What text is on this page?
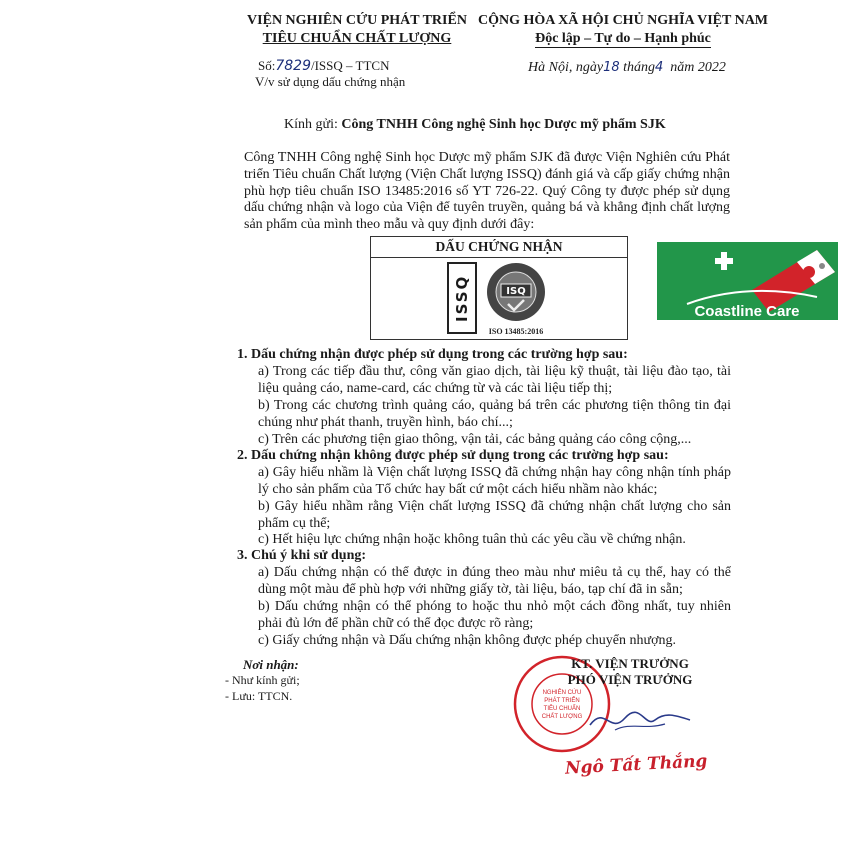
VIỆN NGHIÊN CỨU PHÁT TRIỂN
TIÊU CHUẨN CHẤT LƯỢNG
CỘNG HÒA XÃ HỘI CHỦ NGHĨA VIỆT NAM
Độc lập – Tự do – Hạnh phúc
Số:7829/ISSQ – TTCN
V/v sử dụng dấu chứng nhận
Hà Nội, ngày18 tháng4 năm 2022
Kính gửi: Công TNHH Công nghệ Sinh học Dược mỹ phẩm SJK
Công TNHH Công nghệ Sinh học Dược mỹ phẩm SJK đã được Viện Nghiên cứu Phát triển Tiêu chuẩn Chất lượng (Viện Chất lượng ISSQ) đánh giá và cấp giấy chứng nhận phù hợp tiêu chuẩn ISO 13485:2016 số YT 726-22. Quý Công ty được phép sử dụng dấu chứng nhận và logo của Viện để tuyên truyền, quảng bá và khẳng định chất lượng sản phẩm của mình theo mẫu và quy định dưới đây:
DẤU CHỨNG NHẬN
ISSQ	ISQ
ISO 13485:2016
Coastline Care
1. Dấu chứng nhận được phép sử dụng trong các trường hợp sau:
a) Trong các tiếp đầu thư, công văn giao dịch, tài liệu kỹ thuật, tài liệu đào tạo, tài liệu quảng cáo, name-card, các chứng từ và các tài liệu tiếp thị;
b) Trong các chương trình quảng cáo, quảng bá trên các phương tiện thông tin đại chúng như phát thanh, truyền hình, báo chí...;
c) Trên các phương tiện giao thông, vận tải, các bảng quảng cáo công cộng,...
2. Dấu chứng nhận không được phép sử dụng trong các trường hợp sau:
a) Gây hiểu nhầm là Viện chất lượng ISSQ đã chứng nhận hay công nhận tính pháp lý cho sản phẩm của Tổ chức hay bất cứ một cách hiểu nhầm nào khác;
b) Gây hiểu nhầm rằng Viện chất lượng ISSQ đã chứng nhận chất lượng cho sản phẩm cụ thể;
c) Hết hiệu lực chứng nhận hoặc không tuân thủ các yêu cầu về chứng nhận.
3. Chú ý khi sử dụng:
a) Dấu chứng nhận có thể được in đúng theo màu như miêu tả cụ thể, hay có thể dùng một màu để phù hợp với những giấy tờ, tài liệu, báo, tạp chí đã in sẵn;
b) Dấu chứng nhận có thể phóng to hoặc thu nhỏ một cách đồng nhất, tuy nhiên phải đủ lớn để phần chữ có thể đọc được rõ ràng;
c) Giấy chứng nhận và Dấu chứng nhận không được phép chuyển nhượng.
Nơi nhận:
- Như kính gửi;
- Lưu: TTCN.	NGHIÊN CỨU
PHÁT TRIỂN
TIÊU CHUẨN
CHẤT LƯỢNG
KT. VIỆN TRƯỞNG
PHÓ VIỆN TRƯỞNG
Ngô Tất Thắng
